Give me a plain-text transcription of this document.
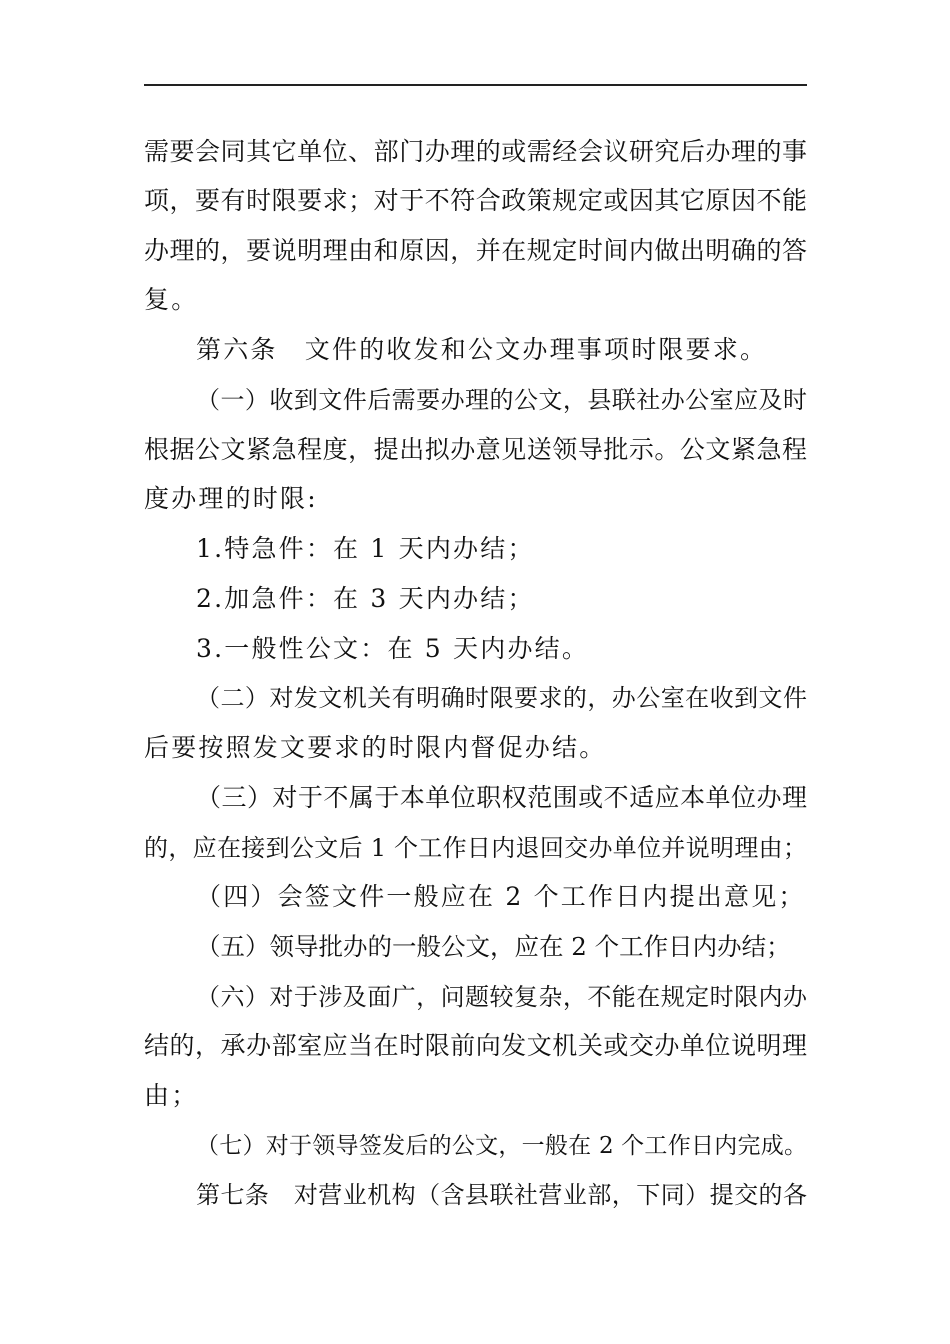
需要会同其它单位、部门办理的或需经会议研究后办理的事
项，要有时限要求；对于不符合政策规定或因其它原因不能
办理的，要说明理由和原因，并在规定时间内做出明确的答
复。
第六条　文件的收发和公文办理事项时限要求。
（一）收到文件后需要办理的公文，县联社办公室应及时
根据公文紧急程度，提出拟办意见送领导批示。公文紧急程
度办理的时限:
1.特急件：在 1 天内办结；
2.加急件：在 3 天内办结；
3.一般性公文：在 5 天内办结。
（二）对发文机关有明确时限要求的，办公室在收到文件
后要按照发文要求的时限内督促办结。
（三）对于不属于本单位职权范围或不适应本单位办理
的，应在接到公文后 1 个工作日内退回交办单位并说明理由；
（四）会签文件一般应在 2 个工作日内提出意见；
（五）领导批办的一般公文，应在 2 个工作日内办结；
（六）对于涉及面广，问题较复杂，不能在规定时限内办
结的，承办部室应当在时限前向发文机关或交办单位说明理
由；
（七）对于领导签发后的公文，一般在 2 个工作日内完成。
第七条　对营业机构（含县联社营业部，下同）提交的各
